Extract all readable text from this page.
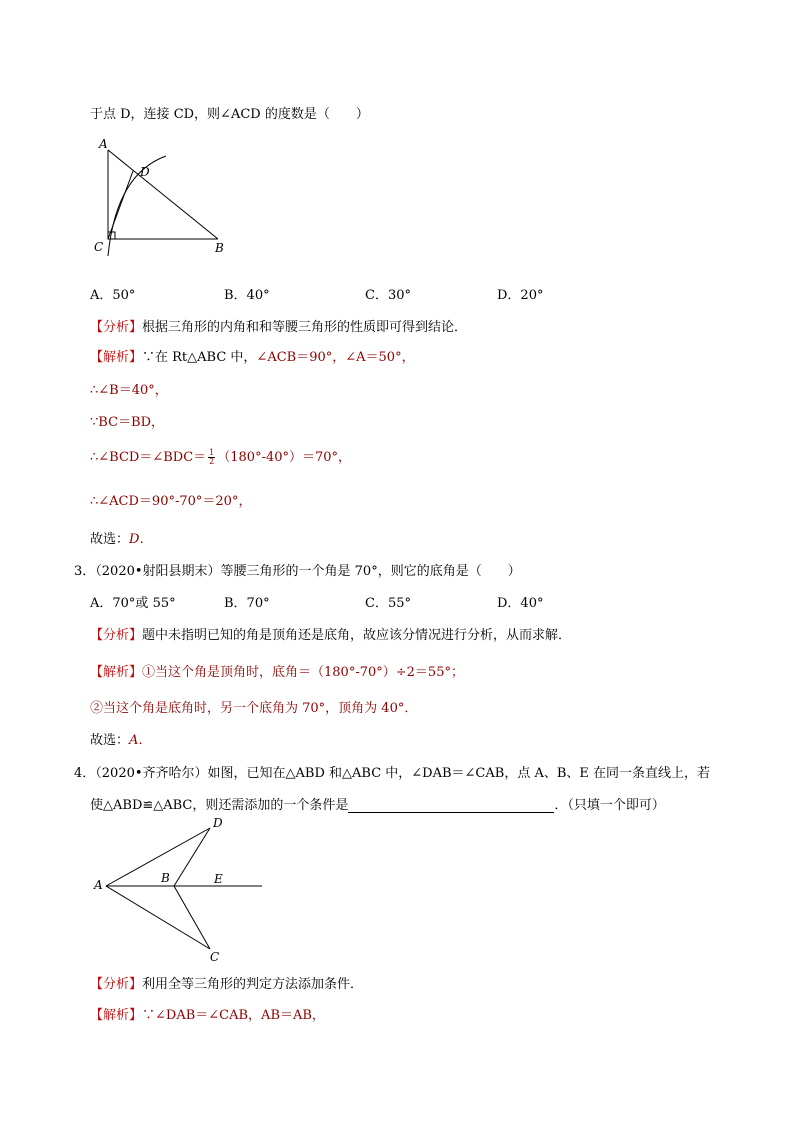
于点 D，连接 CD，则∠ACD 的度数是（　　）
A
D
C	B
A．50°	B．40°	C．30°	D．20°
【分析】根据三角形的内角和和等腰三角形的性质即可得到结论．
【解析】∵在 Rt△ABC 中，∠ACB＝90°，∠A＝50°，
∴∠B＝40°，
∵BC＝BD，
∴∠BCD＝∠BDC＝ $\frac{1}{2} (180^\circ-40^\circ)=70^\circ$，
∴∠ACD＝90°-70°＝20°，
故选：D．
3．（2020•射阳县期末）等腰三角形的一个角是 70°，则它的底角是（　　）
A．70°或 55°	B．70°	C．55°	D．40°
【分析】题中未指明已知的角是顶角还是底角，故应该分情况进行分析，从而求解．
【解析】①当这个角是顶角时，底角＝（180°-70°）÷2＝55°；
②当这个角是底角时，另一个底角为 70°，顶角为 40°．
故选：A．
4．（2020•齐齐哈尔）如图，已知在△ABD 和△ABC 中，∠DAB＝∠CAB，点 A、B、E 在同一条直线上，若
使△ABD≌△ABC，则还需添加的一个条件是	．（只填一个即可）
A	B	E
D
C
【分析】利用全等三角形的判定方法添加条件．
【解析】∵∠DAB＝∠CAB，AB＝AB，
